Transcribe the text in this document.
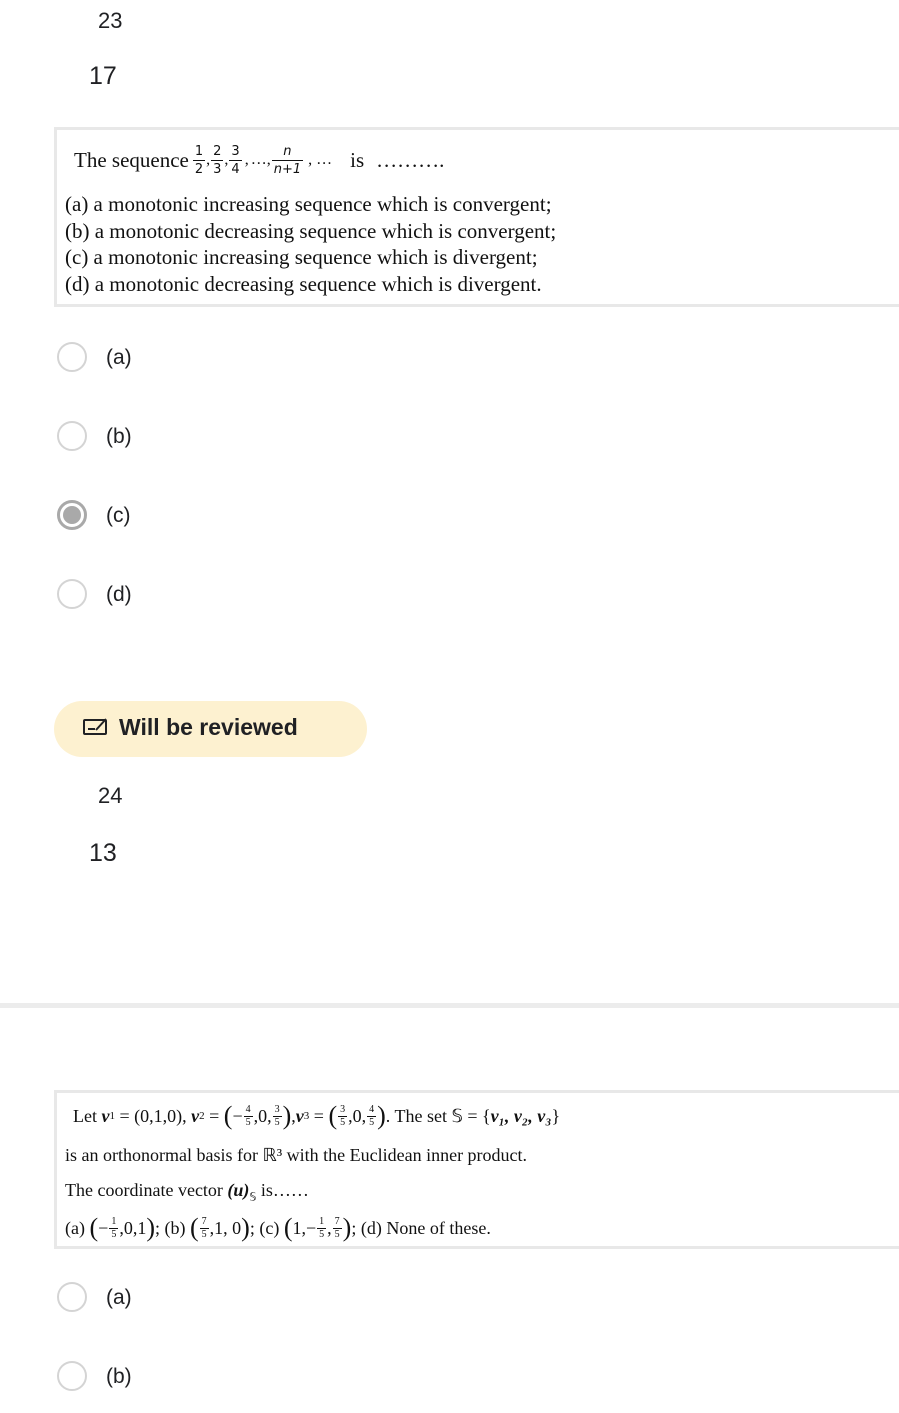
23
17
The sequence $\frac{1}{2}$ , $\frac{2}{3}$ , $\frac{3}{4}$ , …, $\frac{n}{n+1}$ , … is ……….
(a) a monotonic increasing sequence which is convergent;
(b) a monotonic decreasing sequence which is convergent;
(c) a monotonic increasing sequence which is divergent;
(d) a monotonic decreasing sequence which is divergent.
(a)
(b)
(c)
(d)
Will be reviewed
24
13
Let
v 1 = (0,1,0), v 2 = ( − $\frac{4}{5} ,0$, $\frac{3}{5}$ ) , v 3 = ( $\frac{3}{5} ,0$, $\frac{4}{5}$ ) . The set 𝕊 = { v₁, v₂, v₃ }
is an orthonormal basis for ℝ³ with the Euclidean inner product.
The coordinate vector $(u)_𝕊$ is……
(a)
( − $\frac{1}{5} ,0,1$ ) ; (b)
( $\frac{7}{5} ,1$, 0 ) ; (c)
( $1,- \frac{1}{5}$ , $\frac{7}{5}$ ) ; (d) None of these.
(a)
(b)
